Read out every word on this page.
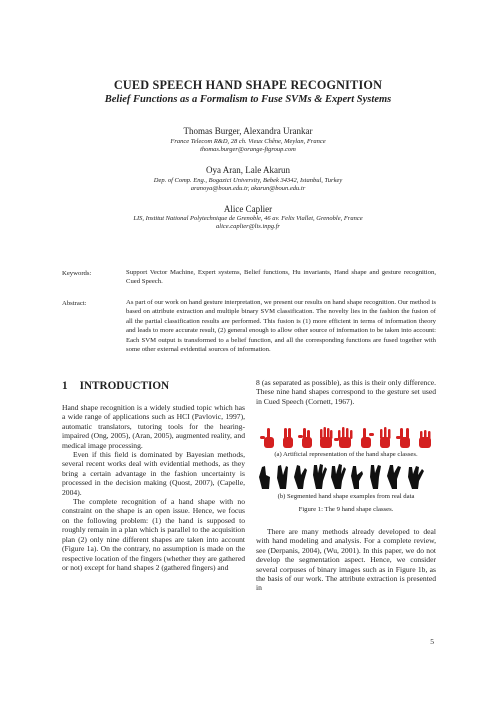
CUED SPEECH HAND SHAPE RECOGNITION
Belief Functions as a Formalism to Fuse SVMs & Expert Systems
Thomas Burger, Alexandra Urankar
France Telecom R&D, 28 ch. Vieux Chêne, Meylan, France
thomas.burger@orange-ftgroup.com
Oya Aran, Lale Akarun
Dep. of Comp. Eng., Bogazici University, Bebek 34342, Istanbul, Turkey
aranoya@boun.edu.tr, akarun@boun.edu.tr
Alice Caplier
LIS, Institut National Polytechnique de Grenoble, 46 av. Felix Viallet, Grenoble, France
alice.caplier@lis.inpg.fr
Keywords:	Support Vector Machine, Expert systems, Belief functions, Hu invariants, Hand shape and gesture recognition, Cued Speech.
Abstract:	As part of our work on hand gesture interpretation, we present our results on hand shape recognition. Our method is based on attribute extraction and multiple binary SVM classification. The novelty lies in the fashion the fusion of all the partial classification results are performed. This fusion is (1) more efficient in terms of information theory and leads to more accurate result, (2) general enough to allow other source of information to be taken into account: Each SVM output is transformed to a belief function, and all the corresponding functions are fused together with some other external evidential sources of information.
1 INTRODUCTION

Hand shape recognition is a widely studied topic which has a wide range of applications such as HCI (Pavlovic, 1997), automatic translators, tutoring tools for the hearing-impaired (Ong, 2005), (Aran, 2005), augmented reality, and medical image processing.

Even if this field is dominated by Bayesian methods, several recent works deal with evidential methods, as they bring a certain advantage in the fashion uncertainty is processed in the decision making (Quost, 2007), (Capelle, 2004).

The complete recognition of a hand shape with no constraint on the shape is an open issue. Hence, we focus on the following problem: (1) the hand is supposed to roughly remain in a plan which is parallel to the acquisition plan (2) only nine different shapes are taken into account (Figure 1a). On the contrary, no assumption is made on the respective location of the fingers (whether they are gathered or not) except for hand shapes 2 (gathered fingers) and

8 (as separated as possible), as this is their only difference. These nine hand shapes correspond to the gesture set used in Cued Speech (Cornett, 1967).

(a) Artificial representation of the hand shape classes.
(b) Segmented hand shape examples from real data
Figure 1: The 9 hand shape classes.

There are many methods already developed to deal with hand modeling and analysis. For a complete review, see (Derpanis, 2004), (Wu, 2001). In this paper, we do not develop the segmentation aspect. Hence, we consider several corpuses of binary images such as in Figure 1b, as the basis of our work. The attribute extraction is presented in

5
